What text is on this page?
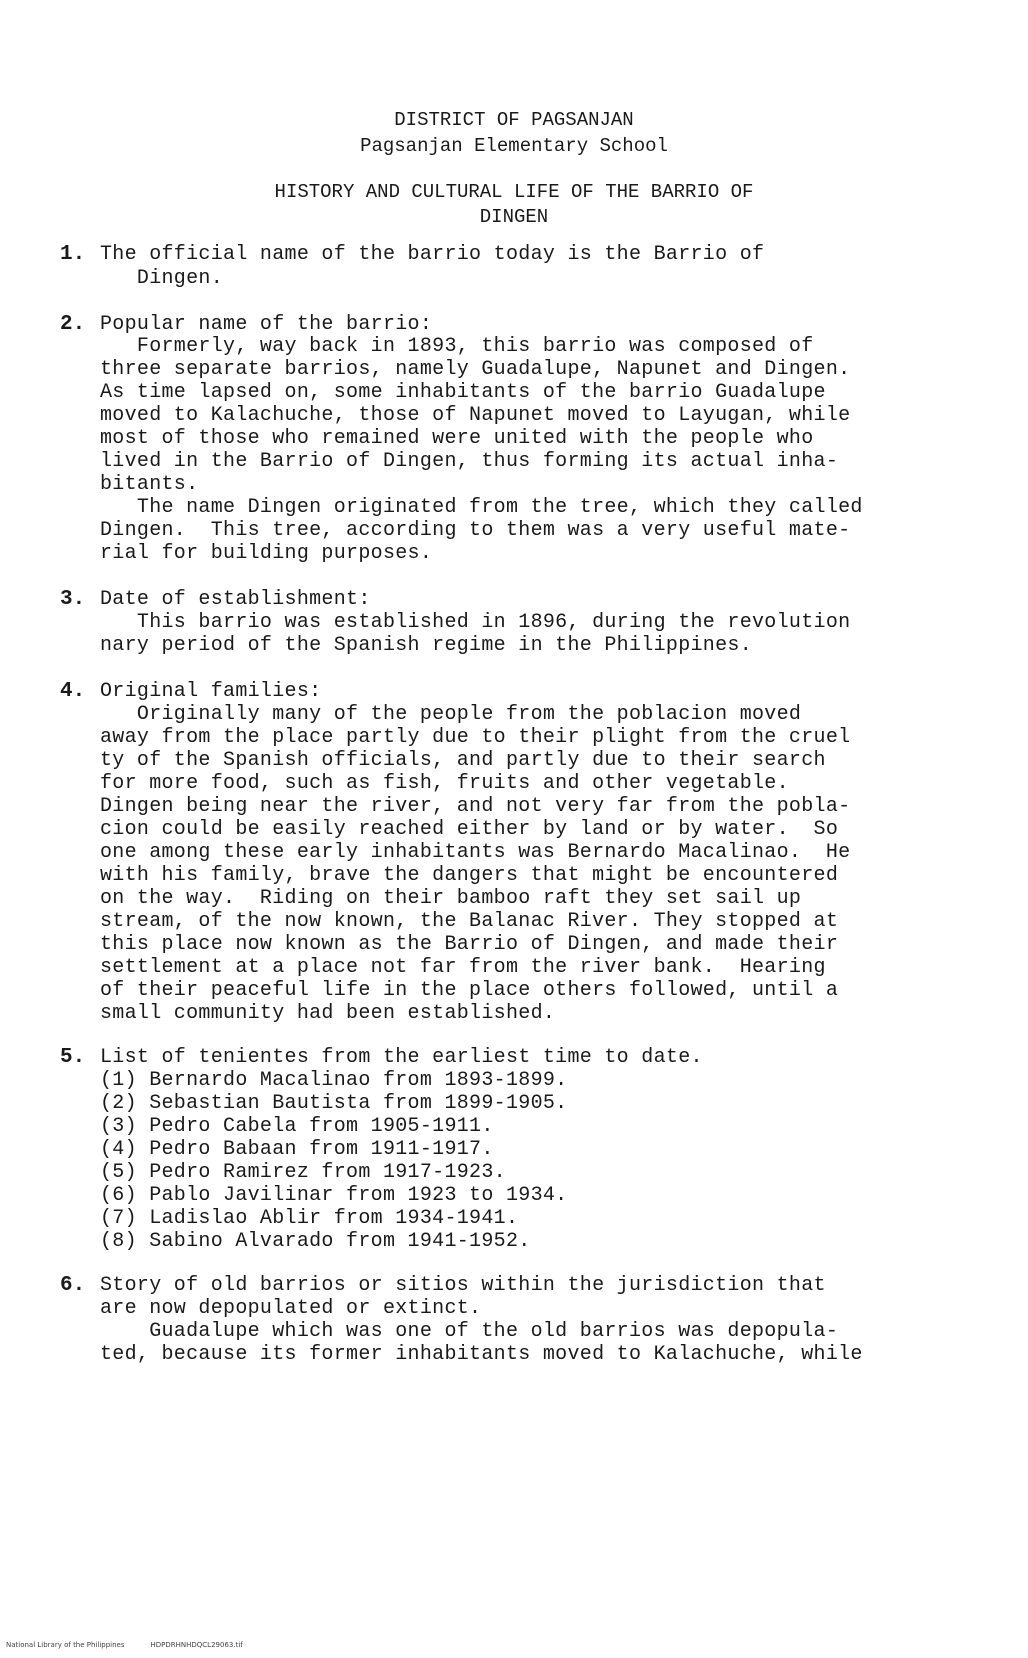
DISTRICT OF PAGSANJAN
Pagsanjan Elementary School
HISTORY AND CULTURAL LIFE OF THE BARRIO OF
DINGEN
1. The official name of the barrio today is the Barrio of
Dingen.
2. Popular name of the barrio:
Formerly, way back in 1893, this barrio was composed of
three separate barrios, namely Guadalupe, Napunet and Dingen.
As time lapsed on, some inhabitants of the barrio Guadalupe
moved to Kalachuche, those of Napunet moved to Layugan, while
most of those who remained were united with the people who
lived in the Barrio of Dingen, thus forming its actual inha-
bitants.
The name Dingen originated from the tree, which they called
Dingen.  This tree, according to them was a very useful mate-
rial for building purposes.
3. Date of establishment:
This barrio was established in 1896, during the revolution
nary period of the Spanish regime in the Philippines.
4. Original families:
Originally many of the people from the poblacion moved
away from the place partly due to their plight from the cruel
ty of the Spanish officials, and partly due to their search
for more food, such as fish, fruits and other vegetable.
Dingen being near the river, and not very far from the pobla-
cion could be easily reached either by land or by water.  So
one among these early inhabitants was Bernardo Macalinao.  He
with his family, brave the dangers that might be encountered
on the way.  Riding on their bamboo raft they set sail up
stream, of the now known, the Balanac River. They stopped at
this place now known as the Barrio of Dingen, and made their
settlement at a place not far from the river bank.  Hearing
of their peaceful life in the place others followed, until a
small community had been established.
5. List of tenientes from the earliest time to date.
(1) Bernardo Macalinao from 1893-1899.
(2) Sebastian Bautista from 1899-1905.
(3) Pedro Cabela from 1905-1911.
(4) Pedro Babaan from 1911-1917.
(5) Pedro Ramirez from 1917-1923.
(6) Pablo Javilinar from 1923 to 1934.
(7) Ladislao Ablir from 1934-1941.
(8) Sabino Alvarado from 1941-1952.
6. Story of old barrios or sitios within the jurisdiction that
are now depopulated or extinct.
Guadalupe which was one of the old barrios was depopula-
ted, because its former inhabitants moved to Kalachuche, while
National Library of the Philippines	HDPDRHNHDQCL29063.tif
